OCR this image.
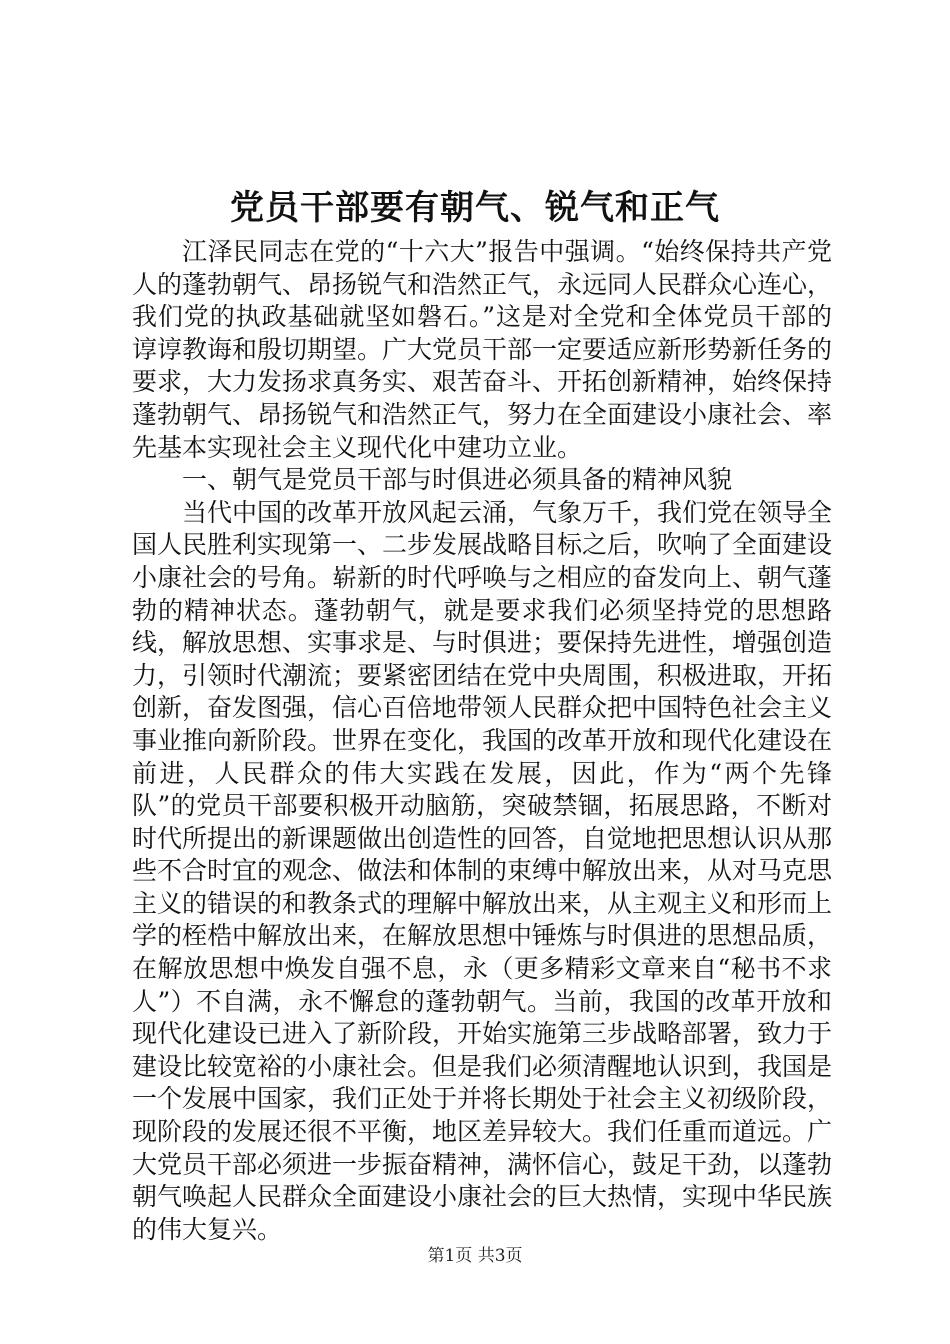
党员干部要有朝气、锐气和正气

江泽民同志在党的“十六大”报告中强调。“始终保持共产党人的蓬勃朝气、昂扬锐气和浩然正气，永远同人民群众心连心，我们党的执政基础就坚如磐石。”这是对全党和全体党员干部的谆谆教诲和殷切期望。广大党员干部一定要适应新形势新任务的要求，大力发扬求真务实、艰苦奋斗、开拓创新精神，始终保持蓬勃朝气、昂扬锐气和浩然正气，努力在全面建设小康社会、率先基本实现社会主义现代化中建功立业。

一、朝气是党员干部与时俱进必须具备的精神风貌

当代中国的改革开放风起云涌，气象万千，我们党在领导全国人民胜利实现第一、二步发展战略目标之后，吹响了全面建设小康社会的号角。崭新的时代呼唤与之相应的奋发向上、朝气蓬勃的精神状态。蓬勃朝气，就是要求我们必须坚持党的思想路线，解放思想、实事求是、与时俱进；要保持先进性，增强创造力，引领时代潮流；要紧密团结在党中央周围，积极进取，开拓创新，奋发图强，信心百倍地带领人民群众把中国特色社会主义事业推向新阶段。世界在变化，我国的改革开放和现代化建设在前进，人民群众的伟大实践在发展，因此，作为“两个先锋队”的党员干部要积极开动脑筋，突破禁锢，拓展思路，不断对时代所提出的新课题做出创造性的回答，自觉地把思想认识从那些不合时宜的观念、做法和体制的束缚中解放出来，从对马克思主义的错误的和教条式的理解中解放出来，从主观主义和形而上学的桎梏中解放出来，在解放思想中锤炼与时俱进的思想品质，在解放思想中焕发自强不息，永（更多精彩文章来自“秘书不求人”）不自满，永不懈怠的蓬勃朝气。当前，我国的改革开放和现代化建设已进入了新阶段，开始实施第三步战略部署，致力于建设比较宽裕的小康社会。但是我们必须清醒地认识到，我国是一个发展中国家，我们正处于并将长期处于社会主义初级阶段，现阶段的发展还很不平衡，地区差异较大。我们任重而道远。广大党员干部必须进一步振奋精神，满怀信心，鼓足干劲，以蓬勃朝气唤起人民群众全面建设小康社会的巨大热情，实现中华民族的伟大复兴。

第1页 共3页
